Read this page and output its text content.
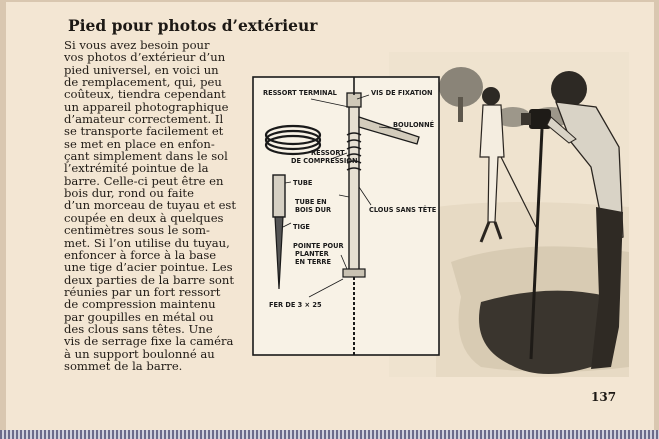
Pied pour photos d’extérieur
Si vous avez besoin pour
vos photos d’extérieur d’un
pied universel, en voici un
de remplacement, qui, peu
coûteux, tiendra cependant
un appareil photographique
d’amateur correctement. Il
se transporte facilement et
se met en place en enfon-
çant simplement dans le sol
l’extrémité pointue de la
barre. Celle-ci peut être en
bois dur, rond ou faite
d’un morceau de tuyau et est
coupée en deux à quelques
centimètres sous le som-
met. Si l’on utilise du tuyau,
enfoncer à force à la base
une tige d’acier pointue. Les
deux parties de la barre sont
réunies par un fort ressort
de compression maintenu
par goupilles en métal ou
des clous sans têtes. Une
vis de serrage fixe la caméra
à un support boulonné au
sommet de la barre.
RESSORT TERMINAL	VIS DE FIXATION
BOULONNÉ
RESSORT
DE COMPRESSION
TUBE
TUBE EN
BOIS DUR	CLOUS SANS TÊTE
TIGE
POINTE POUR
PLANTER
EN TERRE
FER DE 3 × 25
137
